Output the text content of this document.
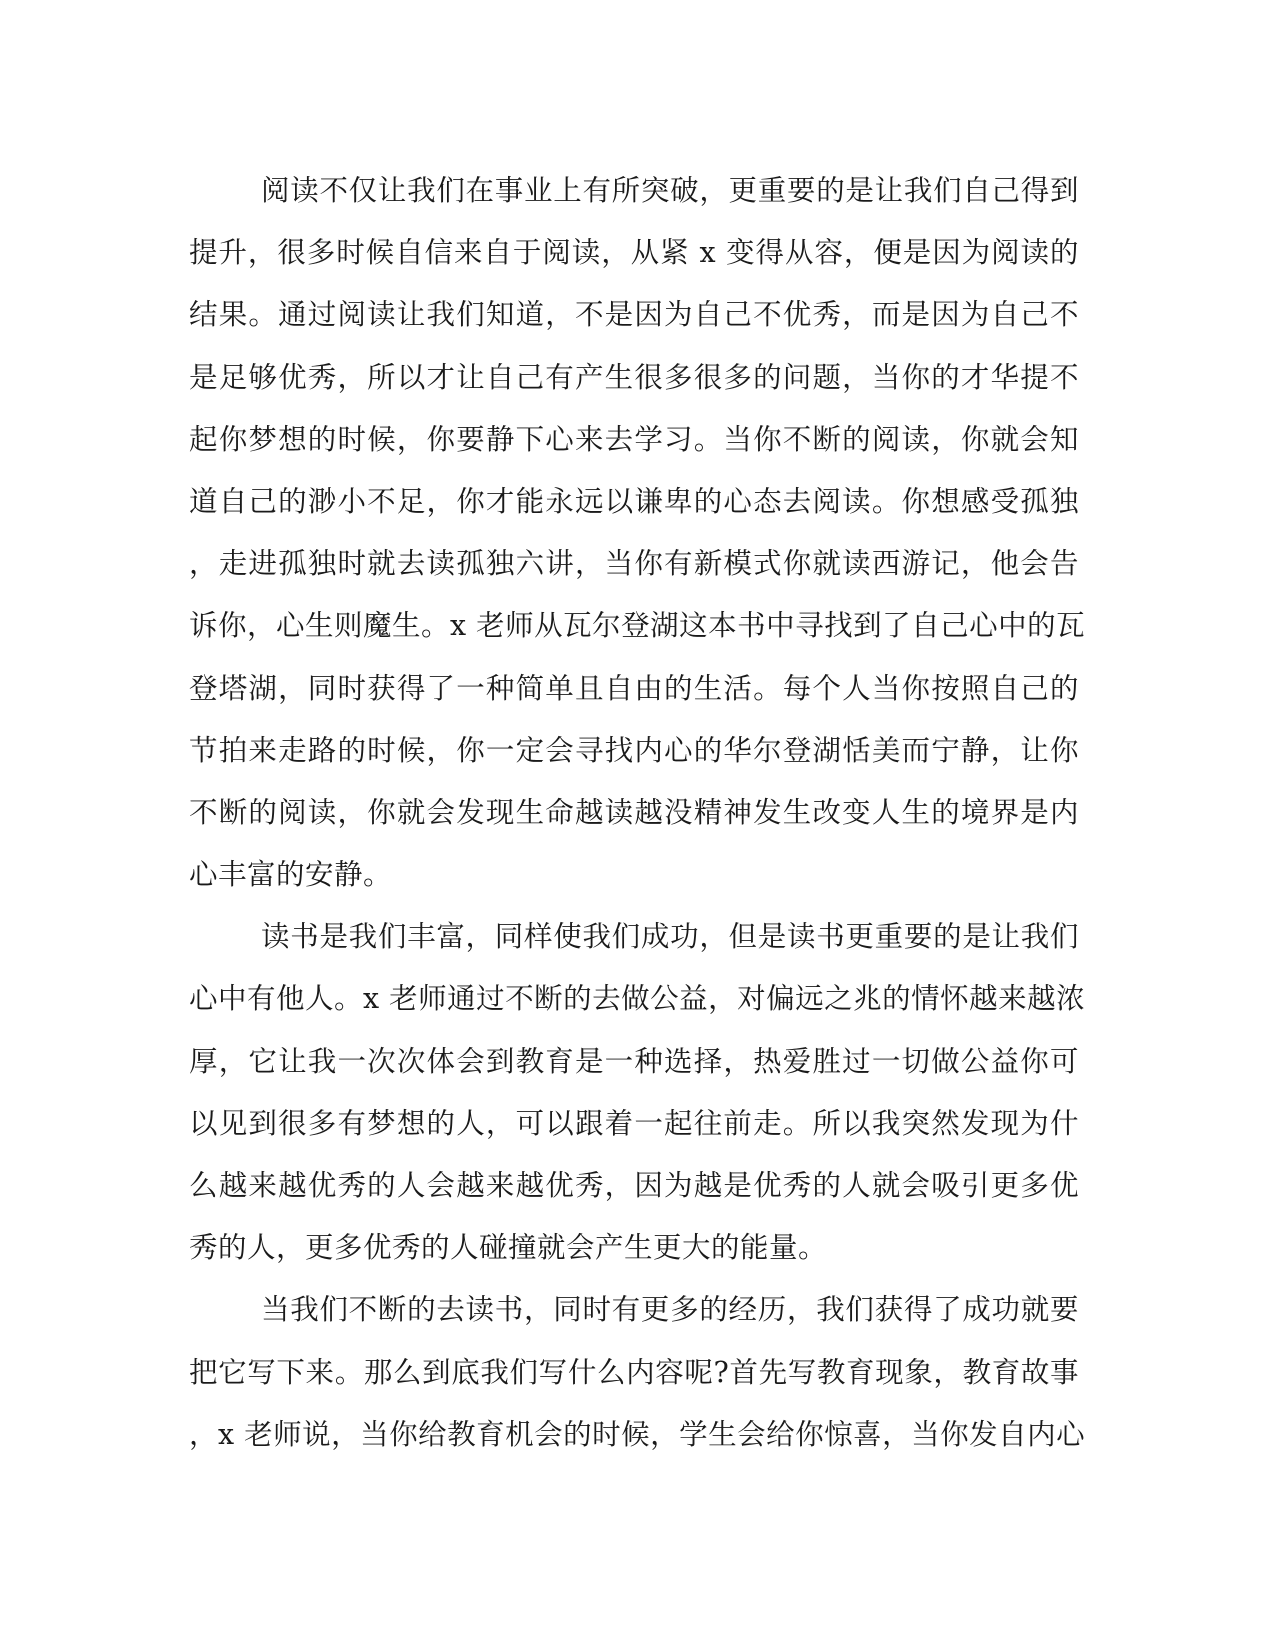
阅读不仅让我们在事业上有所突破，更重要的是让我们自己得到
提升，很多时候自信来自于阅读，从紧 x 变得从容，便是因为阅读的
结果。通过阅读让我们知道，不是因为自己不优秀，而是因为自己不
是足够优秀，所以才让自己有产生很多很多的问题，当你的才华提不
起你梦想的时候，你要静下心来去学习。当你不断的阅读，你就会知
道自己的渺小不足，你才能永远以谦卑的心态去阅读。你想感受孤独
，走进孤独时就去读孤独六讲，当你有新模式你就读西游记，他会告
诉你，心生则魔生。x 老师从瓦尔登湖这本书中寻找到了自己心中的瓦
登塔湖，同时获得了一种简单且自由的生活。每个人当你按照自己的
节拍来走路的时候，你一定会寻找内心的华尔登湖恬美而宁静，让你
不断的阅读，你就会发现生命越读越没精神发生改变人生的境界是内
心丰富的安静。
读书是我们丰富，同样使我们成功，但是读书更重要的是让我们
心中有他人。x 老师通过不断的去做公益，对偏远之兆的情怀越来越浓
厚，它让我一次次体会到教育是一种选择，热爱胜过一切做公益你可
以见到很多有梦想的人，可以跟着一起往前走。所以我突然发现为什
么越来越优秀的人会越来越优秀，因为越是优秀的人就会吸引更多优
秀的人，更多优秀的人碰撞就会产生更大的能量。
当我们不断的去读书，同时有更多的经历，我们获得了成功就要
把它写下来。那么到底我们写什么内容呢?首先写教育现象，教育故事
，x 老师说，当你给教育机会的时候，学生会给你惊喜，当你发自内心
